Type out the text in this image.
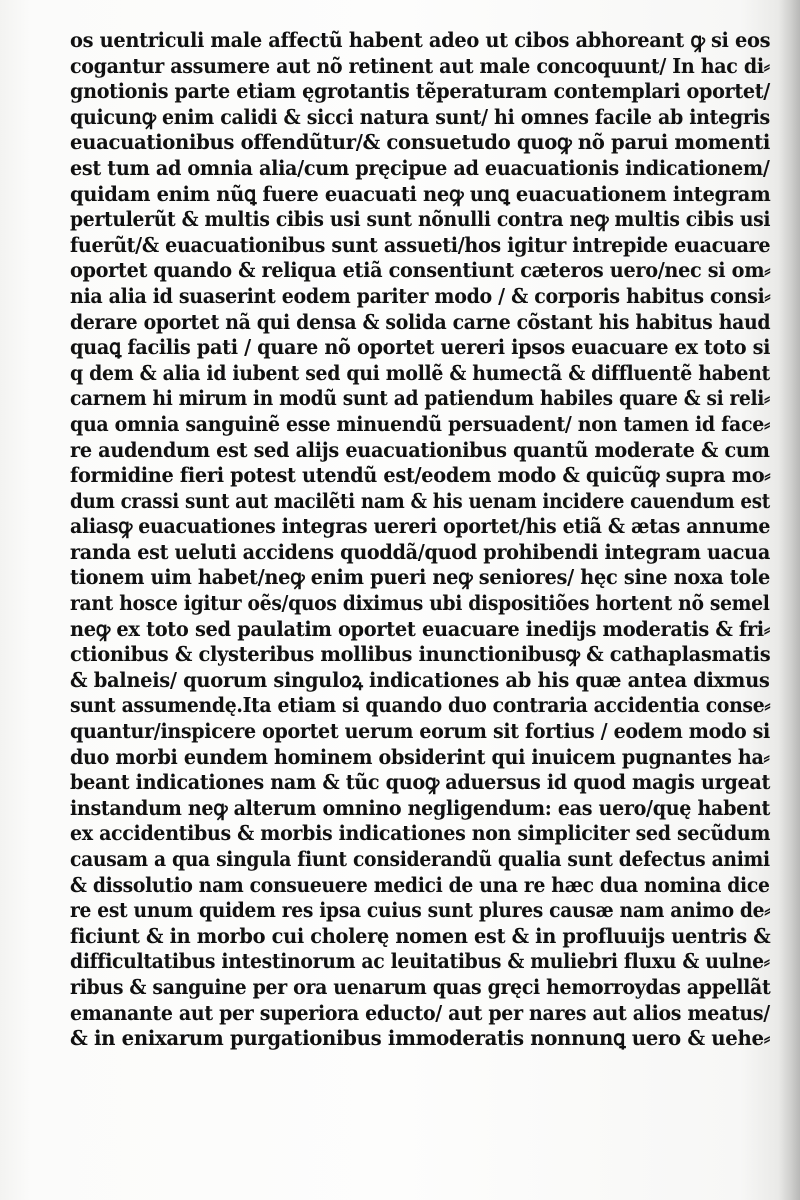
os uentriculi male affectũ habent adeo ut cibos abhoreant ꝙ si eos
cogantur assumere aut nõ retinent aut male concoquunt/ In hac di⸗
gnotionis parte etiam ęgrotantis tẽperaturam contemplari oportet/
quicunꝙ enim calidi & sicci natura sunt/ hi omnes facile ab integris
euacuationibus offendũtur/& consuetudo quoꝙ nõ parui momenti
est tum ad omnia alia/cum pręcipue ad euacuationis indicationem/
quidam enim nũꝗ fuere euacuati neꝙ unꝗ euacuationem integram
pertulerũt & multis cibis usi sunt nõnulli contra neꝙ multis cibis usi
fuerũt/& euacuationibus sunt assueti/hos igitur intrepide euacuare
oportet quando & reliqua etiã consentiunt cæteros uero/nec si om⸗
nia alia id suaserint eodem pariter modo / & corporis habitus consi⸗
derare oportet nã qui densa & solida carne cõstant his habitus haud
quaꝗ facilis pati / quare nõ oportet uereri ipsos euacuare ex toto si
q dem & alia id iubent sed qui mollẽ & humectã & diffluentẽ habent
carnem hi mirum in modũ sunt ad patiendum habiles quare & si reli⸗
qua omnia sanguinẽ esse minuendũ persuadent/ non tamen id face⸗
re audendum est sed alijs euacuationibus quantũ moderate & cum
formidine fieri potest utendũ est/eodem modo & quicũꝙ supra mo⸗
dum crassi sunt aut macilẽti nam & his uenam incidere cauendum est
aliasꝙ euacuationes integras uereri oportet/his etiã & ætas annume
randa est ueluti accidens quoddã/quod prohibendi integram uacua
tionem uim habet/neꝙ enim pueri neꝙ seniores/ hęc sine noxa tole
rant hosce igitur oẽs/quos diximus ubi dispositiões hortent nõ semel
neꝙ ex toto sed paulatim oportet euacuare inedijs moderatis & fri⸗
ctionibus & clysteribus mollibus inunctionibusꝙ & cathaplasmatis
& balneis/ quorum singuloꝝ indicationes ab his quæ antea dixmus
sunt assumendę.Ita etiam si quando duo contraria accidentia conse⸗
quantur/inspicere oportet uerum eorum sit fortius / eodem modo si
duo morbi eundem hominem obsiderint qui inuicem pugnantes ha⸗
beant indicationes nam & tũc quoꝙ aduersus id quod magis urgeat
instandum neꝙ alterum omnino negligendum: eas uero/quę habent
ex accidentibus & morbis indicationes non simpliciter sed secũdum
causam a qua singula fiunt considerandũ qualia sunt defectus animi
& dissolutio nam consueuere medici de una re hæc dua nomina dice
re est unum quidem res ipsa cuius sunt plures causæ nam animo de⸗
ficiunt & in morbo cui cholerę nomen est & in profluuijs uentris &
difficultatibus intestinorum ac leuitatibus & muliebri fluxu & uulne⸗
ribus & sanguine per ora uenarum quas gręci hemorroydas appellãt
emanante aut per superiora educto/ aut per nares aut alios meatus/
& in enixarum purgationibus immoderatis nonnunꝗ uero & uehe⸗
